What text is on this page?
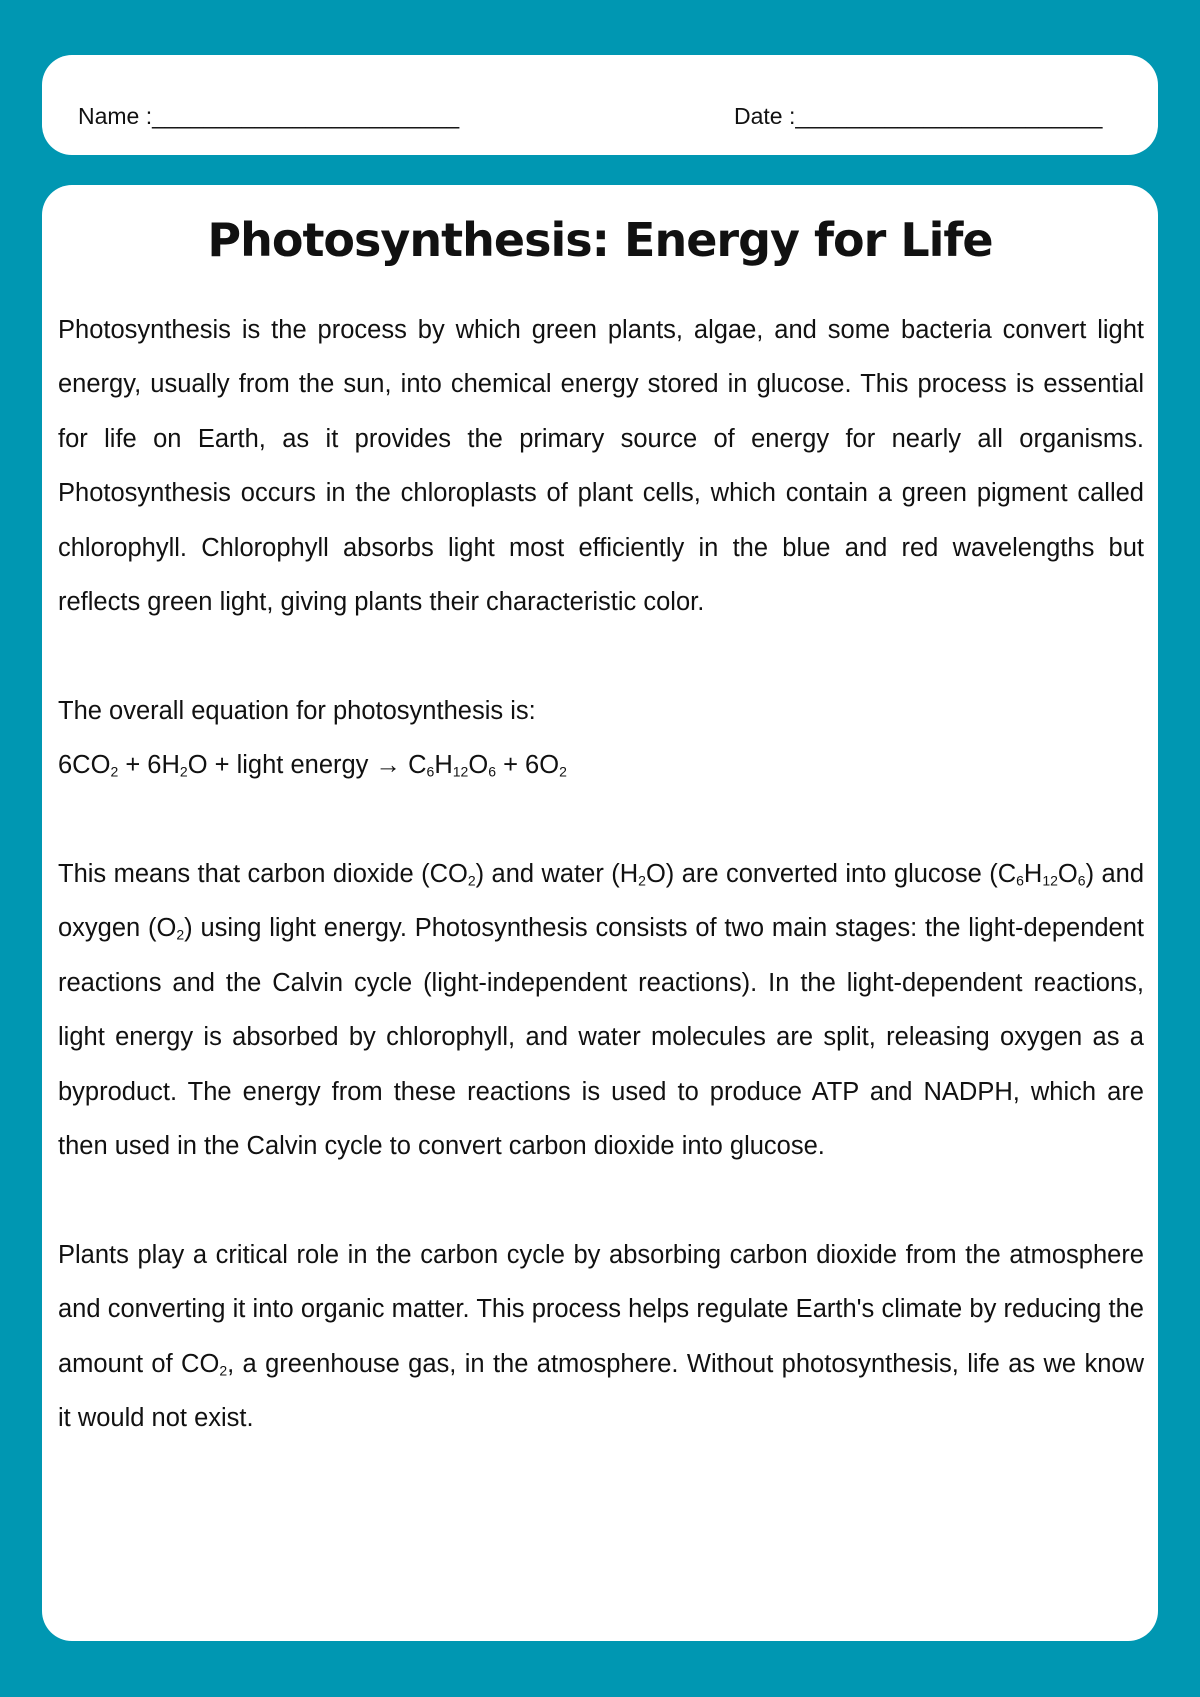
Name :________________________	Date :________________________
Photosynthesis: Energy for Life

Photosynthesis is the process by which green plants, algae, and some bacteria convert light energy, usually from the sun, into chemical energy stored in glucose. This process is essential for life on Earth, as it provides the primary source of energy for nearly all organisms. Photosynthesis occurs in the chloroplasts of plant cells, which contain a green pigment called chlorophyll. Chlorophyll absorbs light most efficiently in the blue and red wavelengths but reflects green light, giving plants their characteristic color.

The overall equation for photosynthesis is:

$6CO_2 + 6H_2O$ + light energy → $C_6H_{12}O_6 + 6O_2$

This means that carbon dioxide $(CO_2)$ and water $(H_2O)$ are converted into glucose $(C_6H_{12}O_6)$ and oxygen $(O_2)$ using light energy. Photosynthesis consists of two main stages: the light-dependent reactions and the Calvin cycle (light-independent reactions). In the light-dependent reactions, light energy is absorbed by chlorophyll, and water molecules are split, releasing oxygen as a byproduct. The energy from these reactions is used to produce ATP and NADPH, which are then used in the Calvin cycle to convert carbon dioxide into glucose.

Plants play a critical role in the carbon cycle by absorbing carbon dioxide from the atmosphere and converting it into organic matter. This process helps regulate Earth's climate by reducing the amount of $CO_2$, a greenhouse gas, in the atmosphere. Without photosynthesis, life as we know it would not exist.
